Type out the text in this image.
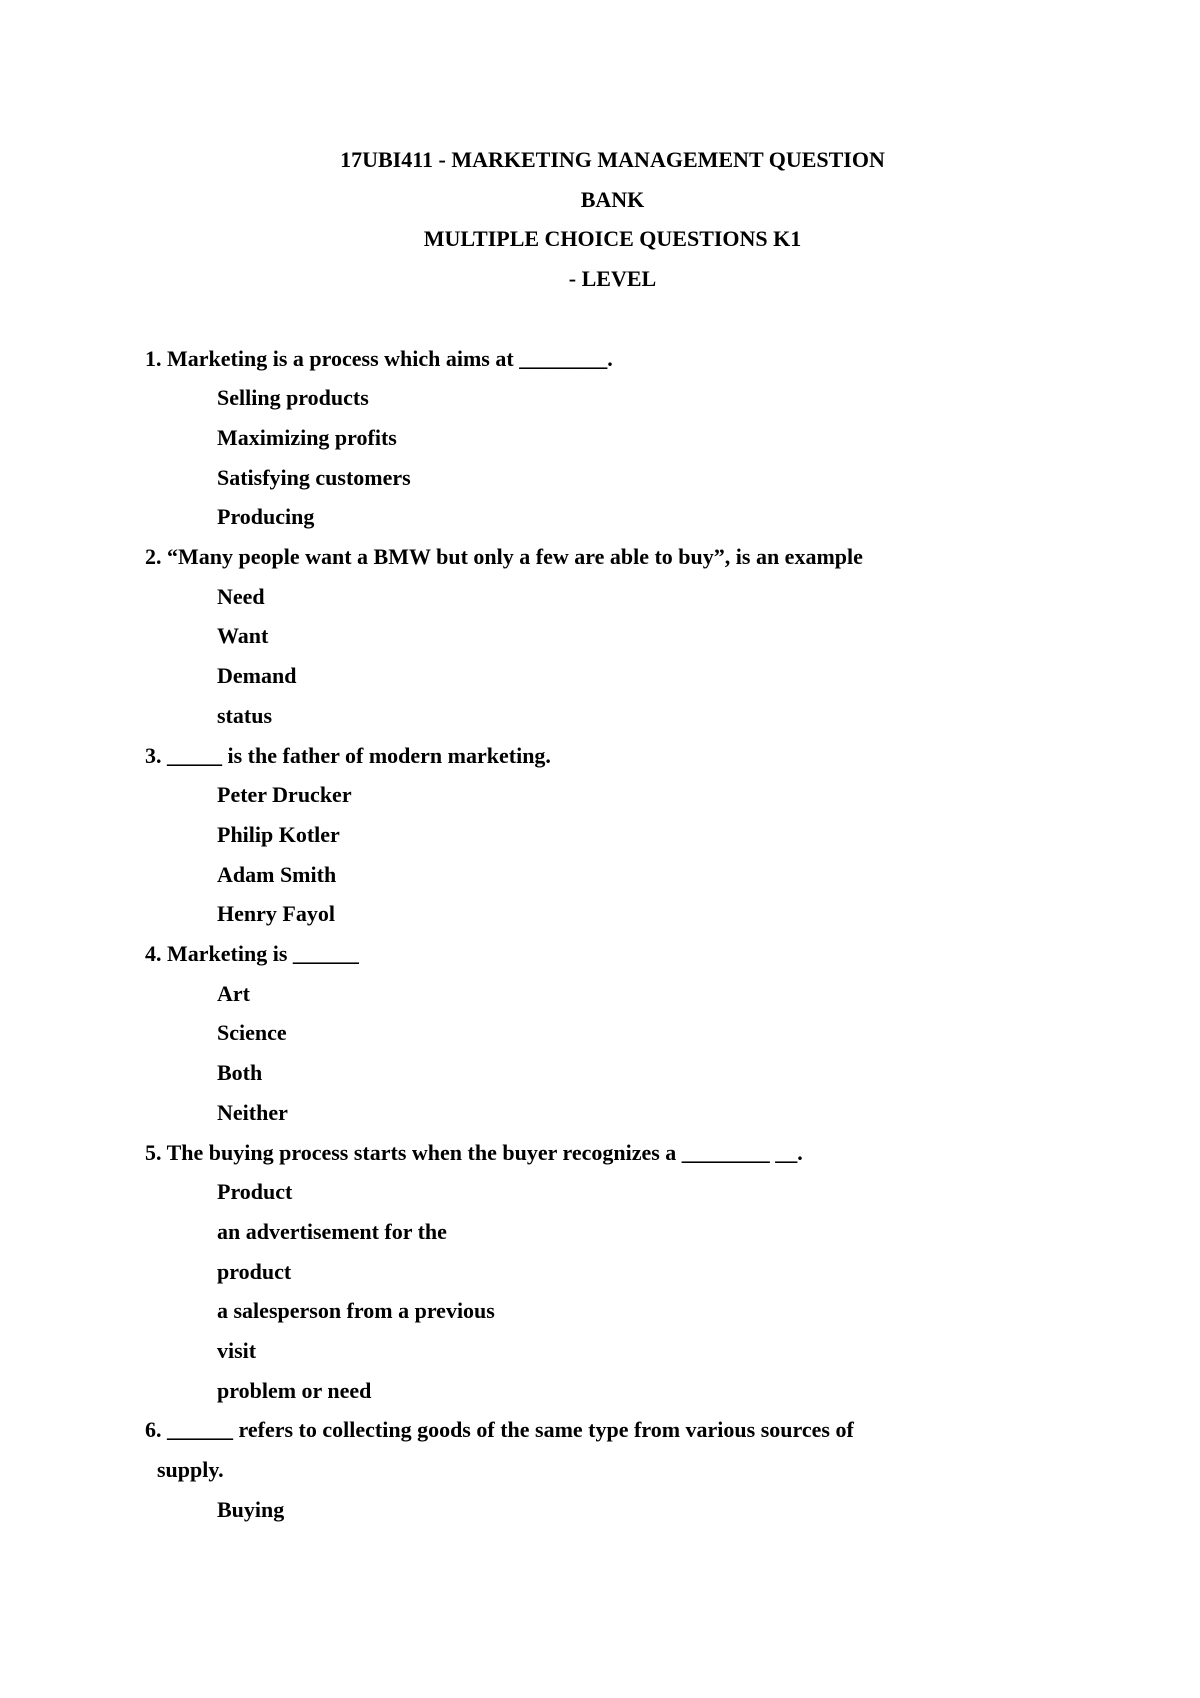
17UBI411 - MARKETING MANAGEMENT QUESTION
BANK
MULTIPLE CHOICE QUESTIONS K1
- LEVEL
1. Marketing is a process which aims at ________.
Selling products
Maximizing profits
Satisfying customers
Producing
2. “Many people want a BMW but only a few are able to buy”, is an example
Need
Want
Demand
status
3. _____ is the father of modern marketing.
Peter Drucker
Philip Kotler
Adam Smith
Henry Fayol
4. Marketing is ______
Art
Science
Both
Neither
5. The buying process starts when the buyer recognizes a ________ __.
Product
an advertisement for the
product
a salesperson from a previous
visit
problem or need
6. ______ refers to collecting goods of the same type from various sources of
supply.
Buying
